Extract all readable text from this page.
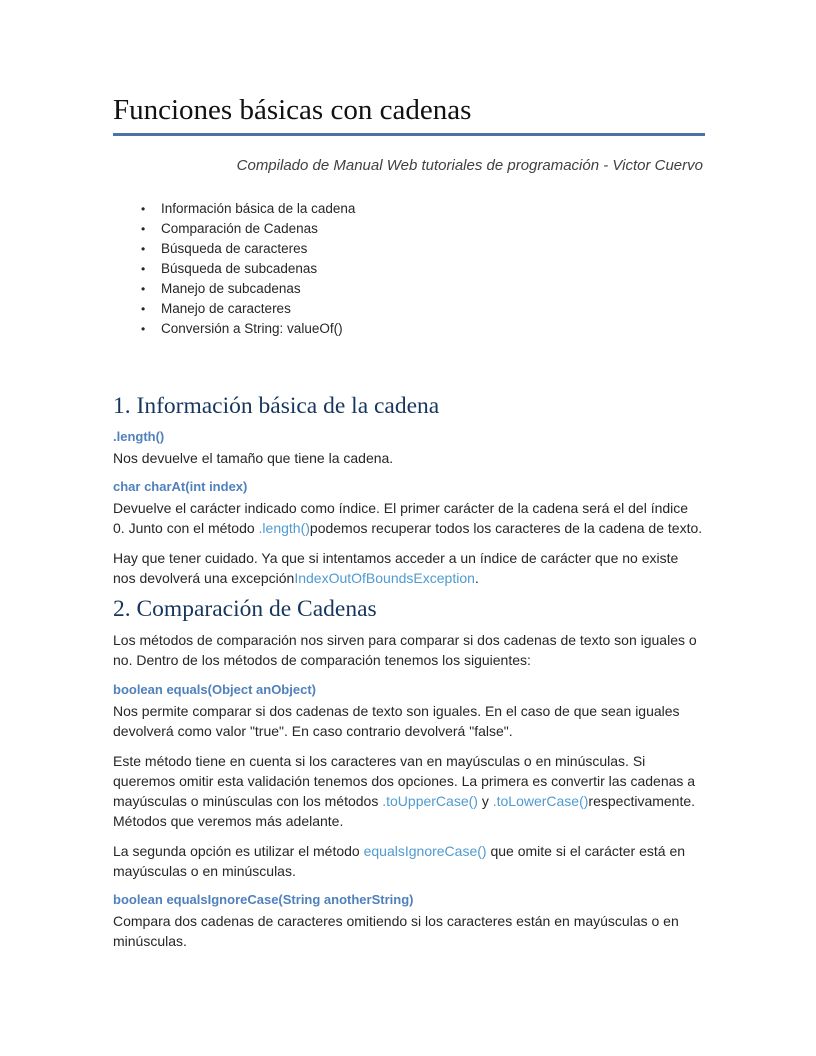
Funciones básicas con cadenas

Compilado de Manual Web tutoriales de programación - Victor Cuervo

• Información básica de la cadena
• Comparación de Cadenas
• Búsqueda de caracteres
• Búsqueda de subcadenas
• Manejo de subcadenas
• Manejo de caracteres
• Conversión a String: valueOf()
1. Información básica de la cadena

.length()

Nos devuelve el tamaño que tiene la cadena.

char charAt(int index)

Devuelve el carácter indicado como índice. El primer carácter de la cadena será el del índice
0. Junto con el método .length()podemos recuperar todos los caracteres de la cadena de texto.

Hay que tener cuidado. Ya que si intentamos acceder a un índice de carácter que no existe
nos devolverá una excepciónIndexOutOfBoundsException.

2. Comparación de Cadenas

Los métodos de comparación nos sirven para comparar si dos cadenas de texto son iguales o
no. Dentro de los métodos de comparación tenemos los siguientes:

boolean equals(Object anObject)

Nos permite comparar si dos cadenas de texto son iguales. En el caso de que sean iguales
devolverá como valor "true". En caso contrario devolverá "false".

Este método tiene en cuenta si los caracteres van en mayúsculas o en minúsculas. Si
queremos omitir esta validación tenemos dos opciones. La primera es convertir las cadenas a
mayúsculas o minúsculas con los métodos .toUpperCase() y .toLowerCase()respectivamente.
Métodos que veremos más adelante.

La segunda opción es utilizar el método equalsIgnoreCase() que omite si el carácter está en
mayúsculas o en minúsculas.

boolean equalsIgnoreCase(String anotherString)

Compara dos cadenas de caracteres omitiendo si los caracteres están en mayúsculas o en
minúsculas.
